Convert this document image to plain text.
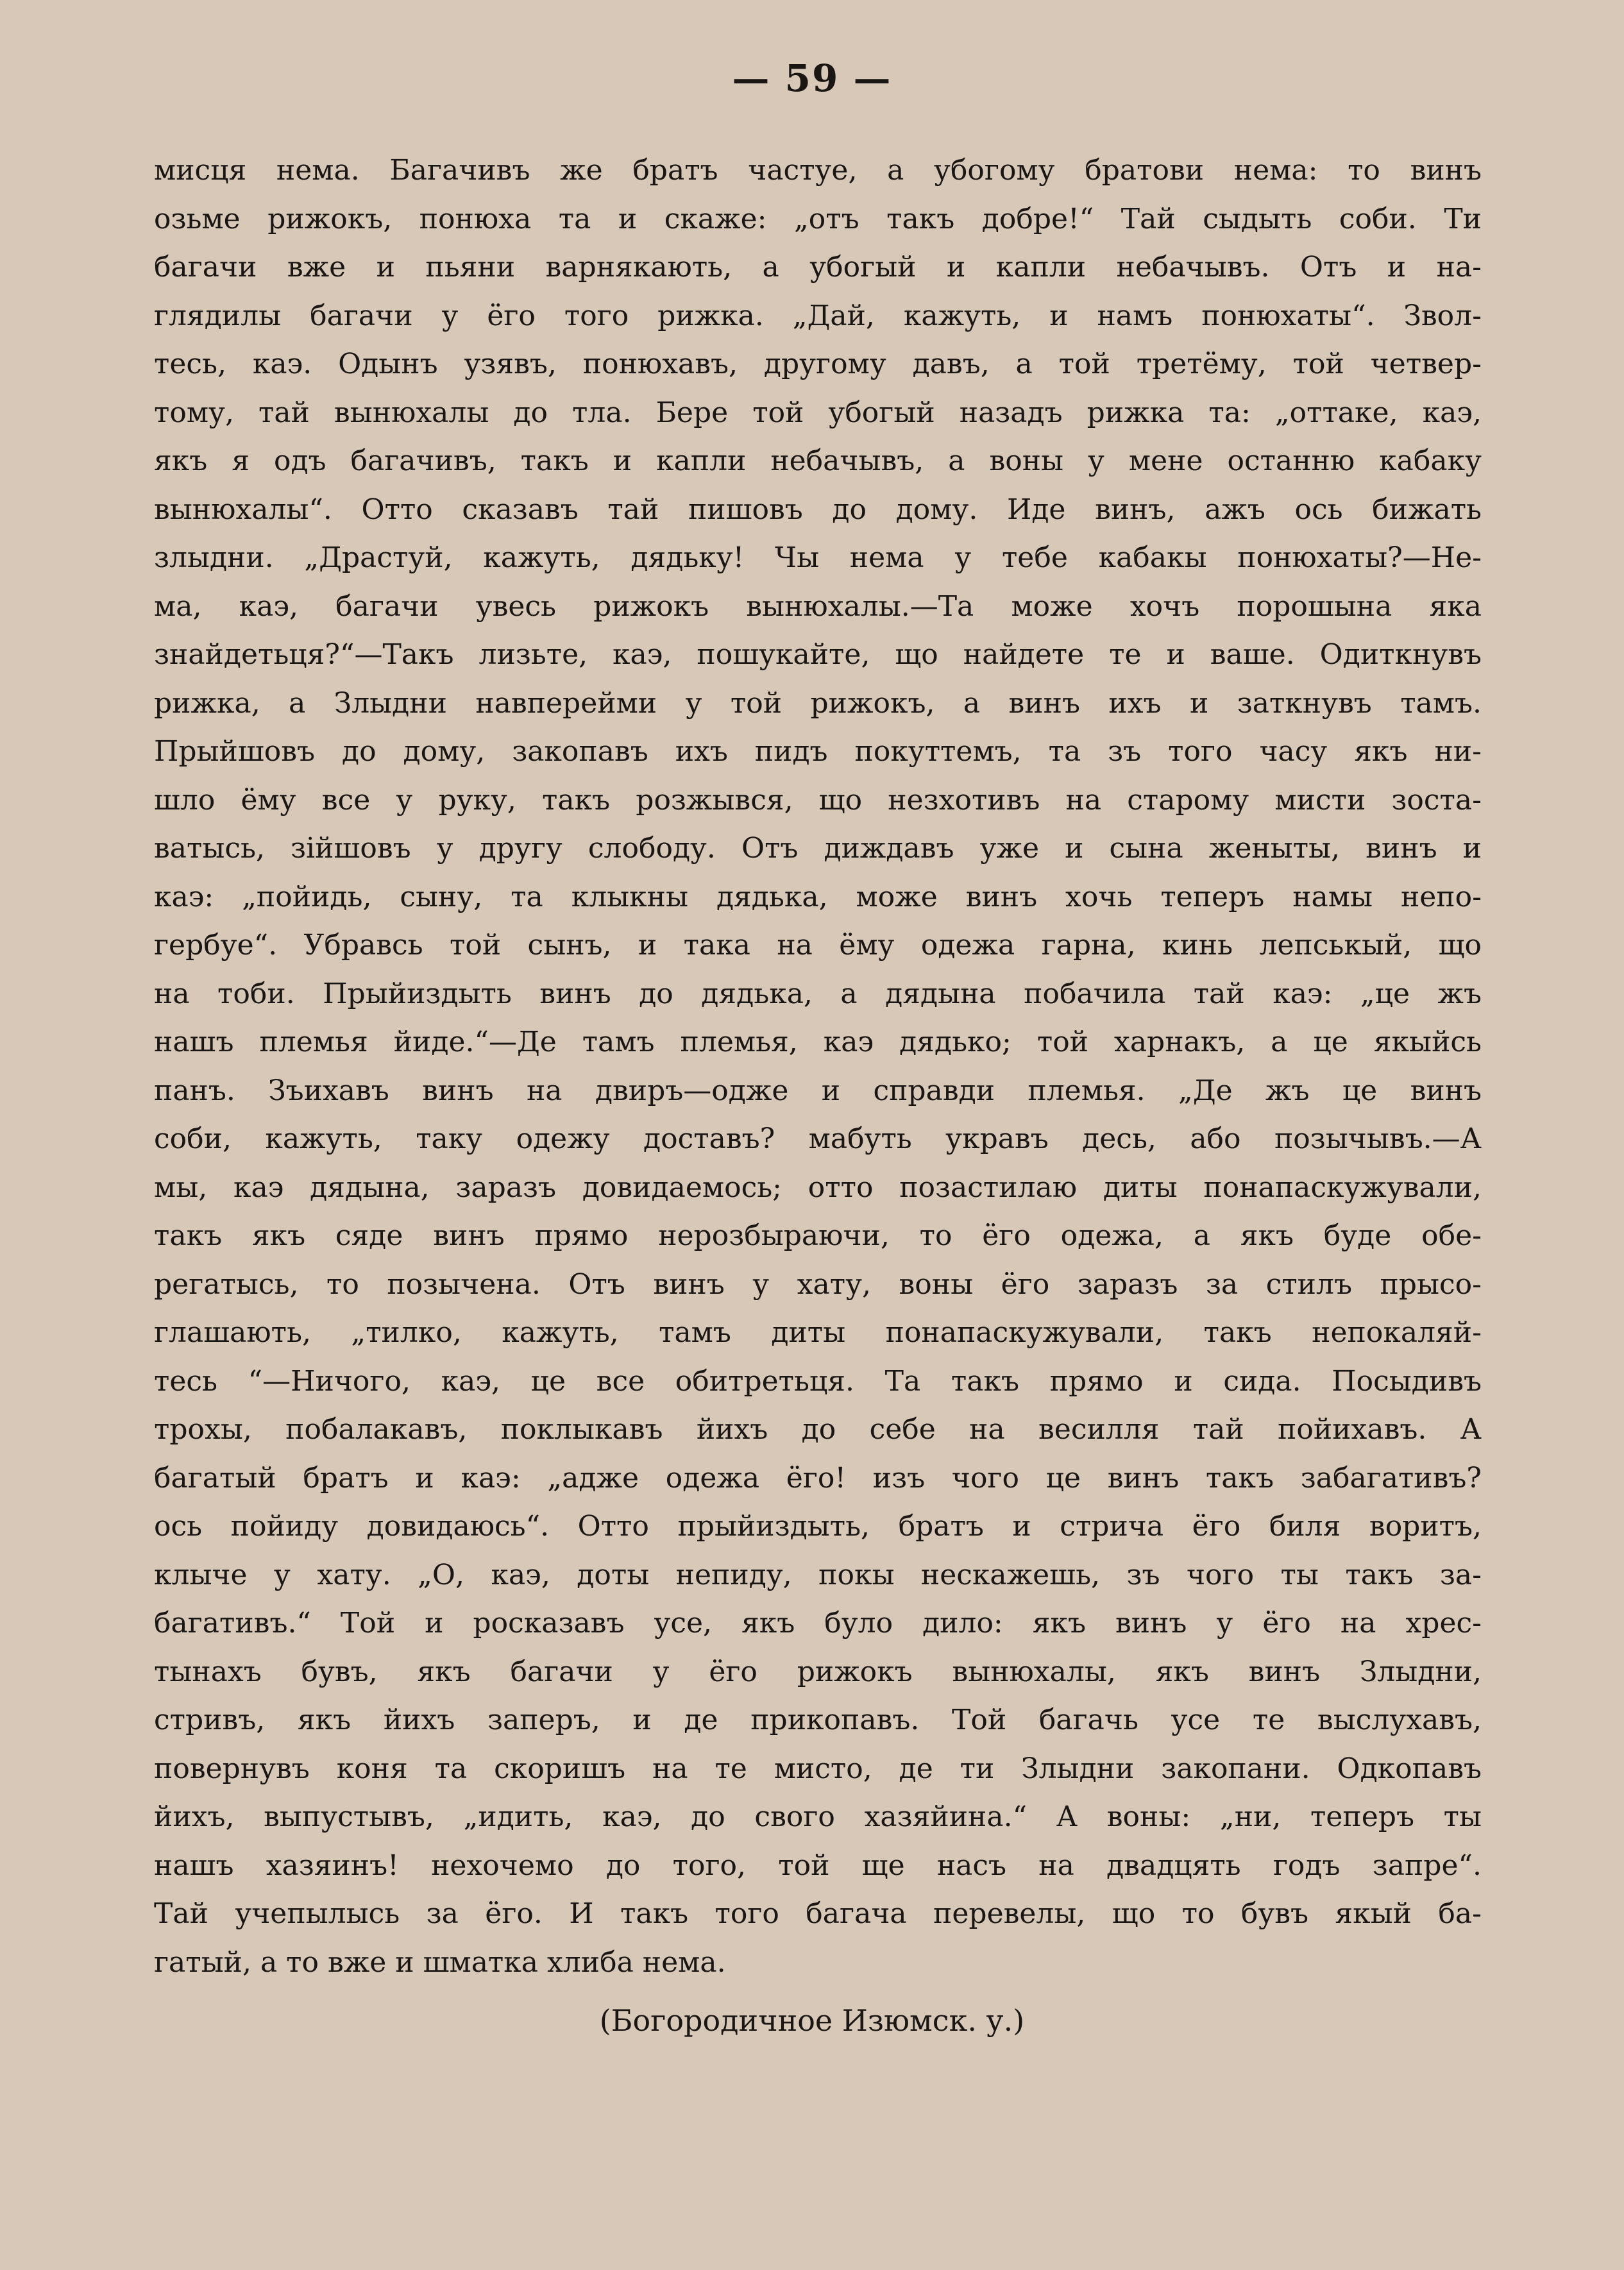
— 59 —
мисця нема. Багачивъ же братъ частуе, а убогому братови нема: то винъ
озьме рижокъ, понюха та и скаже: „отъ такъ добре!“ Тай сыдыть соби. Ти
багачи вже и пьяни варнякають, а убогый и капли небачывъ. Отъ и на-
глядилы багачи у ёго того рижка. „Дай, кажуть, и намъ понюхаты“. Звол-
тесь, каэ. Одынъ узявъ, понюхавъ, другому давъ, а той третёму, той четвер-
тому, тай вынюхалы до тла. Бере той убогый назадъ рижка та: „оттаке, каэ,
якъ я одъ багачивъ, такъ и капли небачывъ, а воны у мене останню кабаку
вынюхалы“. Отто сказавъ тай пишовъ до дому. Иде винъ, ажъ ось бижать
злыдни. „Драстуй, кажуть, дядьку! Чы нема у тебе кабакы понюхаты?—Не-
ма, каэ, багачи увесь рижокъ вынюхалы.—Та може хочъ порошына яка
знайдетьця?“—Такъ лизьте, каэ, пошукайте, що найдете те и ваше. Одиткнувъ
рижка, а Злыдни навперейми у той рижокъ, а винъ ихъ и заткнувъ тамъ.
Прыйшовъ до дому, закопавъ ихъ пидъ покуттемъ, та зъ того часу якъ ни-
шло ёму все у руку, такъ розжывся, що незхотивъ на старому мисти зоста-
ватысь, зійшовъ у другу слободу. Отъ диждавъ уже и сына женыты, винъ и
каэ: „пойидь, сыну, та клыкны дядька, може винъ хочь теперъ намы непо-
гербуе“. Убравсь той сынъ, и така на ёму одежа гарна, кинь лепськый, що
на тоби. Прыйиздыть винъ до дядька, а дядына побачила тай каэ: „це жъ
нашъ племья йиде.“—Де тамъ племья, каэ дядько; той харнакъ, а це якыйсь
панъ. Зъихавъ винъ на двиръ—одже и справди племья. „Де жъ це винъ
соби, кажуть, таку одежу доставъ? мабуть укравъ десь, або позычывъ.—А
мы, каэ дядына, заразъ довидаемось; отто позастилаю диты понапаскужували,
такъ якъ сяде винъ прямо нерозбыраючи, то ёго одежа, а якъ буде обе-
регатысь, то позычена. Отъ винъ у хату, воны ёго заразъ за стилъ прысо-
глашають, „тилко, кажуть, тамъ диты понапаскужували, такъ непокаляй-
тесь “—Ничого, каэ, це все обитретьця. Та такъ прямо и сида. Посыдивъ
трохы, побалакавъ, поклыкавъ йихъ до себе на весилля тай пойихавъ. А
багатый братъ и каэ: „адже одежа ёго! изъ чого це винъ такъ забагативъ?
ось пойиду довидаюсь“. Отто прыйиздыть, братъ и стрича ёго биля воритъ,
клыче у хату. „О, каэ, доты непиду, покы нескажешь, зъ чого ты такъ за-
багативъ.“ Той и росказавъ усе, якъ було дило: якъ винъ у ёго на хрес-
тынахъ бувъ, якъ багачи у ёго рижокъ вынюхалы, якъ винъ Злыдни,
стривъ, якъ йихъ заперъ, и де прикопавъ. Той багачь усе те выслухавъ,
повернувъ коня та скоришъ на те мисто, де ти Злыдни закопани. Одкопавъ
йихъ, выпустывъ, „идить, каэ, до свого хазяйина.“ А воны: „ни, теперъ ты
нашъ хазяинъ! нехочемо до того, той ще насъ на двадцять годъ запре“.
Тай учепылысь за ёго. И такъ того багача перевелы, що то бувъ якый ба-
гатый, а то вже и шматка хлиба нема.
(Богородичное Изюмск. у.)
